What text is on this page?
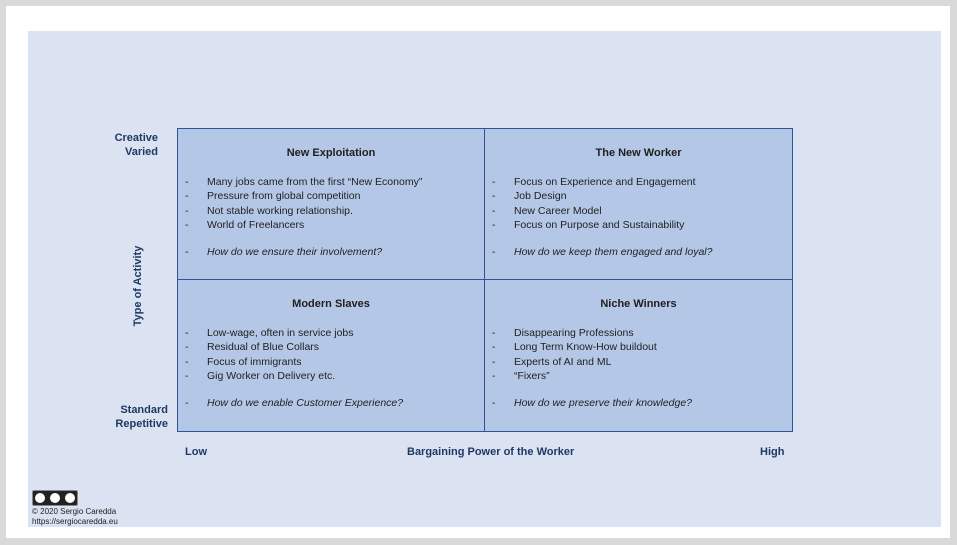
Creative
Varied
Type of Activity
Standard
Repetitive
New Exploitation
- Many jobs came from the first “New Economy”
- Pressure from global competition
- Not stable working relationship.
- World of Freelancers
- How do we ensure their involvement?
The New Worker
- Focus on Experience and Engagement
- Job Design
- New Career Model
- Focus on Purpose and Sustainability
- How do we keep them engaged and loyal?
Modern Slaves
- Low-wage, often in service jobs
- Residual of Blue Collars
- Focus of immigrants
- Gig Worker on Delivery etc.
- How do we enable Customer Experience?
Niche Winners
- Disappearing Professions
- Long Term Know-How buildout
- Experts of AI and ML
- “Fixers”
- How do we preserve their knowledge?
Low	Bargaining Power of the Worker	High
© 2020 Sergio Caredda
https://sergiocaredda.eu
